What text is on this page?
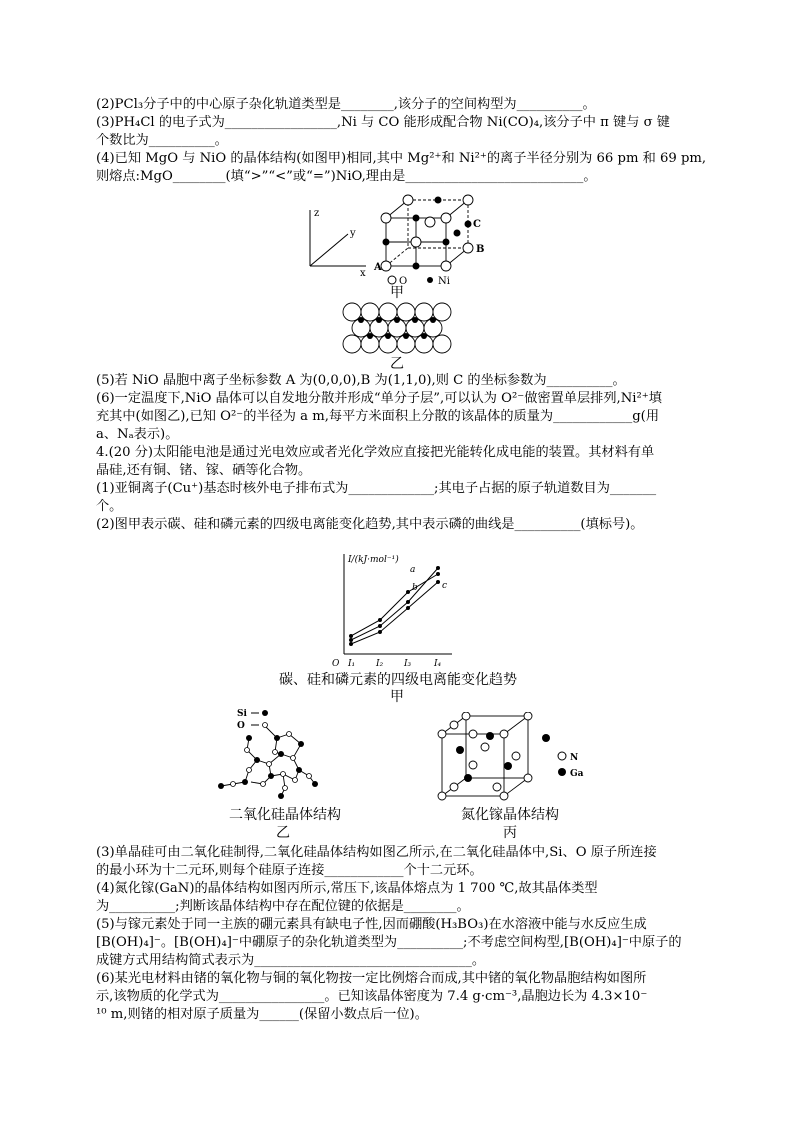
(2)PCl₃分子中的中心原子杂化轨道类型是________,该分子的空间构型为__________。
(3)PH₄Cl 的电子式为_________________,Ni 与 CO 能形成配合物 Ni(CO)₄,该分子中 π 键与 σ 键
个数比为__________。
(4)已知 MgO 与 NiO 的晶体结构(如图甲)相同,其中 Mg²⁺和 Ni²⁺的离子半径分别为 66 pm 和 69 pm,
则熔点:MgO________(填“>”“<”或“=”)NiO,理由是___________________________。
z
y
x
C
B
A
O	Ni
甲
乙
(5)若 NiO 晶胞中离子坐标参数 A 为(0,0,0),B 为(1,1,0),则 C 的坐标参数为__________。
(6)一定温度下,NiO 晶体可以自发地分散并形成“单分子层”,可以认为 O²⁻做密置单层排列,Ni²⁺填
充其中(如图乙),已知 O²⁻的半径为 a m,每平方米面积上分散的该晶体的质量为____________g(用
a、Nₐ表示)。
4.(20 分)太阳能电池是通过光电效应或者光化学效应直接把光能转化成电能的装置。其材料有单
晶硅,还有铜、锗、镓、硒等化合物。
(1)亚铜离子(Cu⁺)基态时核外电子排布式为_____________;其电子占据的原子轨道数目为_______
个。
(2)图甲表示碳、硅和磷元素的四级电离能变化趋势,其中表示磷的曲线是__________(填标号)。
I/(kJ·mol⁻¹)
O I₁ I₂ I₃	I₄
a
b	c
碳、硅和磷元素的四级电离能变化趋势
甲
Si
O
二氧化硅晶体结构
乙
N
Ga
氮化镓晶体结构
丙
(3)单晶硅可由二氧化硅制得,二氧化硅晶体结构如图乙所示,在二氧化硅晶体中,Si、O 原子所连接
的最小环为十二元环,则每个硅原子连接____________个十二元环。
(4)氮化镓(GaN)的晶体结构如图丙所示,常压下,该晶体熔点为 1 700 ℃,故其晶体类型
为__________;判断该晶体结构中存在配位键的依据是________。
(5)与镓元素处于同一主族的硼元素具有缺电子性,因而硼酸(H₃BO₃)在水溶液中能与水反应生成
[B(OH)₄]⁻。[B(OH)₄]⁻中硼原子的杂化轨道类型为__________;不考虑空间构型,[B(OH)₄]⁻中原子的
成键方式用结构简式表示为_________________________________。
(6)某光电材料由锗的氧化物与铜的氧化物按一定比例熔合而成,其中锗的氧化物晶胞结构如图所
示,该物质的化学式为________________。已知该晶体密度为 7.4 g·cm⁻³,晶胞边长为 4.3×10⁻
¹⁰ m,则锗的相对原子质量为______(保留小数点后一位)。
